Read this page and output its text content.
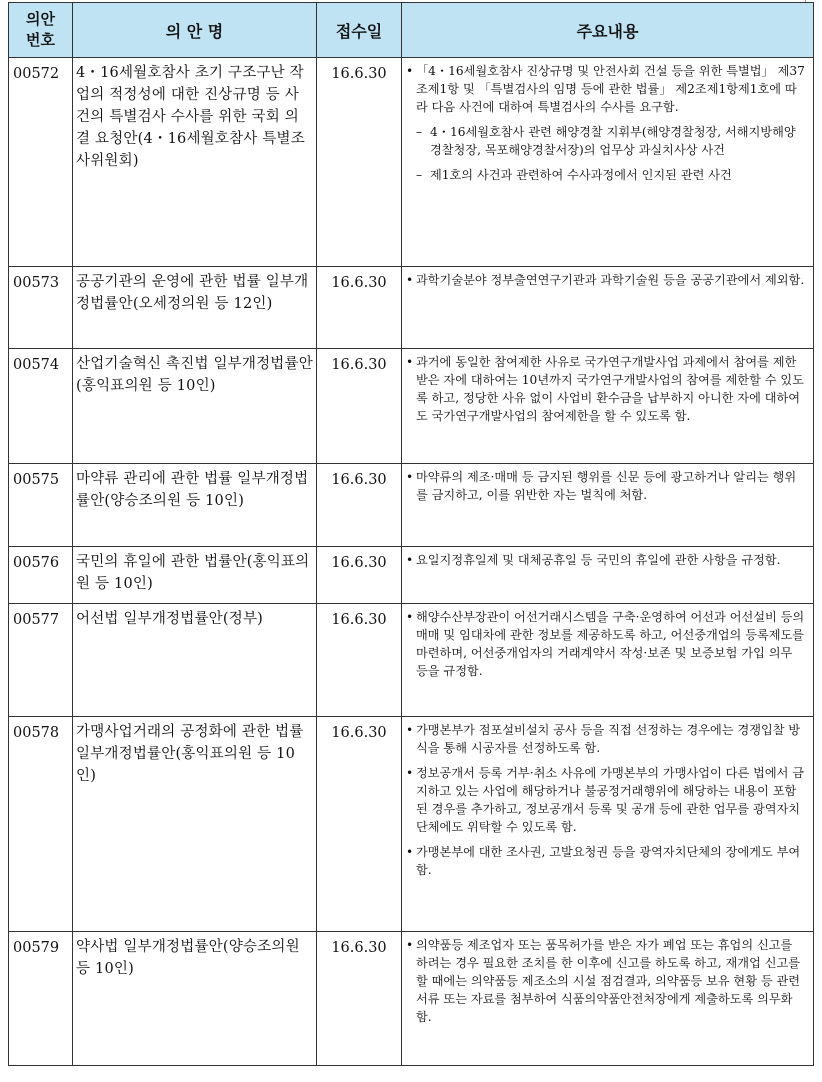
의안
번호	의 안 명	접수일	주요내용
00572	4・16세월호참사 초기 구조구난 작업의 적정성에 대한 진상규명 등 사건의 특별검사 수사를 위한 국회 의결 요청안(4・16세월호참사 특별조사위원회)	16.6.30	• 「4・16세월호참사 진상규명 및 안전사회 건설 등을 위한 특별법」 제37조제1항 및 「특별검사의 임명 등에 관한 법률」 제2조제1항제1호에 따라 다음 사건에 대하여 특별검사의 수사를 요구함.
– 4・16세월호참사 관련 해양경찰 지휘부(해양경찰청장, 서해지방해양경찰청장, 목포해양경찰서장)의 업무상 과실치사상 사건
– 제1호의 사건과 관련하여 수사과정에서 인지된 관련 사건

00573	공공기관의 운영에 관한 법률 일부개정법률안(오세정의원 등 12인)	16.6.30	• 과학기술분야 정부출연연구기관과 과학기술원 등을 공공기관에서 제외함.

00574	산업기술혁신 촉진법 일부개정법률안(홍익표의원 등 10인)	16.6.30	• 과거에 동일한 참여제한 사유로 국가연구개발사업 과제에서 참여를 제한받은 자에 대하여는 10년까지 국가연구개발사업의 참여를 제한할 수 있도록 하고, 정당한 사유 없이 사업비 환수금을 납부하지 아니한 자에 대하여도 국가연구개발사업의 참여제한을 할 수 있도록 함.

00575	마약류 관리에 관한 법률 일부개정법률안(양승조의원 등 10인)	16.6.30	• 마약류의 제조·매매 등 금지된 행위를 신문 등에 광고하거나 알리는 행위를 금지하고, 이를 위반한 자는 벌칙에 처함.

00576	국민의 휴일에 관한 법률안(홍익표의원 등 10인)	16.6.30	• 요일지정휴일제 및 대체공휴일 등 국민의 휴일에 관한 사항을 규정함.

00577	어선법 일부개정법률안(정부)	16.6.30	• 해양수산부장관이 어선거래시스템을 구축·운영하여 어선과 어선설비 등의 매매 및 임대차에 관한 정보를 제공하도록 하고, 어선중개업의 등록제도를 마련하며, 어선중개업자의 거래계약서 작성·보존 및 보증보험 가입 의무 등을 규정함.

00578	가맹사업거래의 공정화에 관한 법률 일부개정법률안(홍익표의원 등 10인)	16.6.30	• 가맹본부가 점포설비설치 공사 등을 직접 선정하는 경우에는 경쟁입찰 방식을 통해 시공자를 선정하도록 함.
• 정보공개서 등록 거부·취소 사유에 가맹본부의 가맹사업이 다른 법에서 금지하고 있는 사업에 해당하거나 불공정거래행위에 해당하는 내용이 포함된 경우를 추가하고, 정보공개서 등록 및 공개 등에 관한 업무를 광역자치단체에도 위탁할 수 있도록 함.
• 가맹본부에 대한 조사권, 고발요청권 등을 광역자치단체의 장에게도 부여함.

00579	약사법 일부개정법률안(양승조의원 등 10인)	16.6.30	• 의약품등 제조업자 또는 품목허가를 받은 자가 폐업 또는 휴업의 신고를 하려는 경우 필요한 조치를 한 이후에 신고를 하도록 하고, 재개업 신고를 할 때에는 의약품등 제조소의 시설 점검결과, 의약품등 보유 현황 등 관련 서류 또는 자료를 첨부하여 식품의약품안전처장에게 제출하도록 의무화함.
